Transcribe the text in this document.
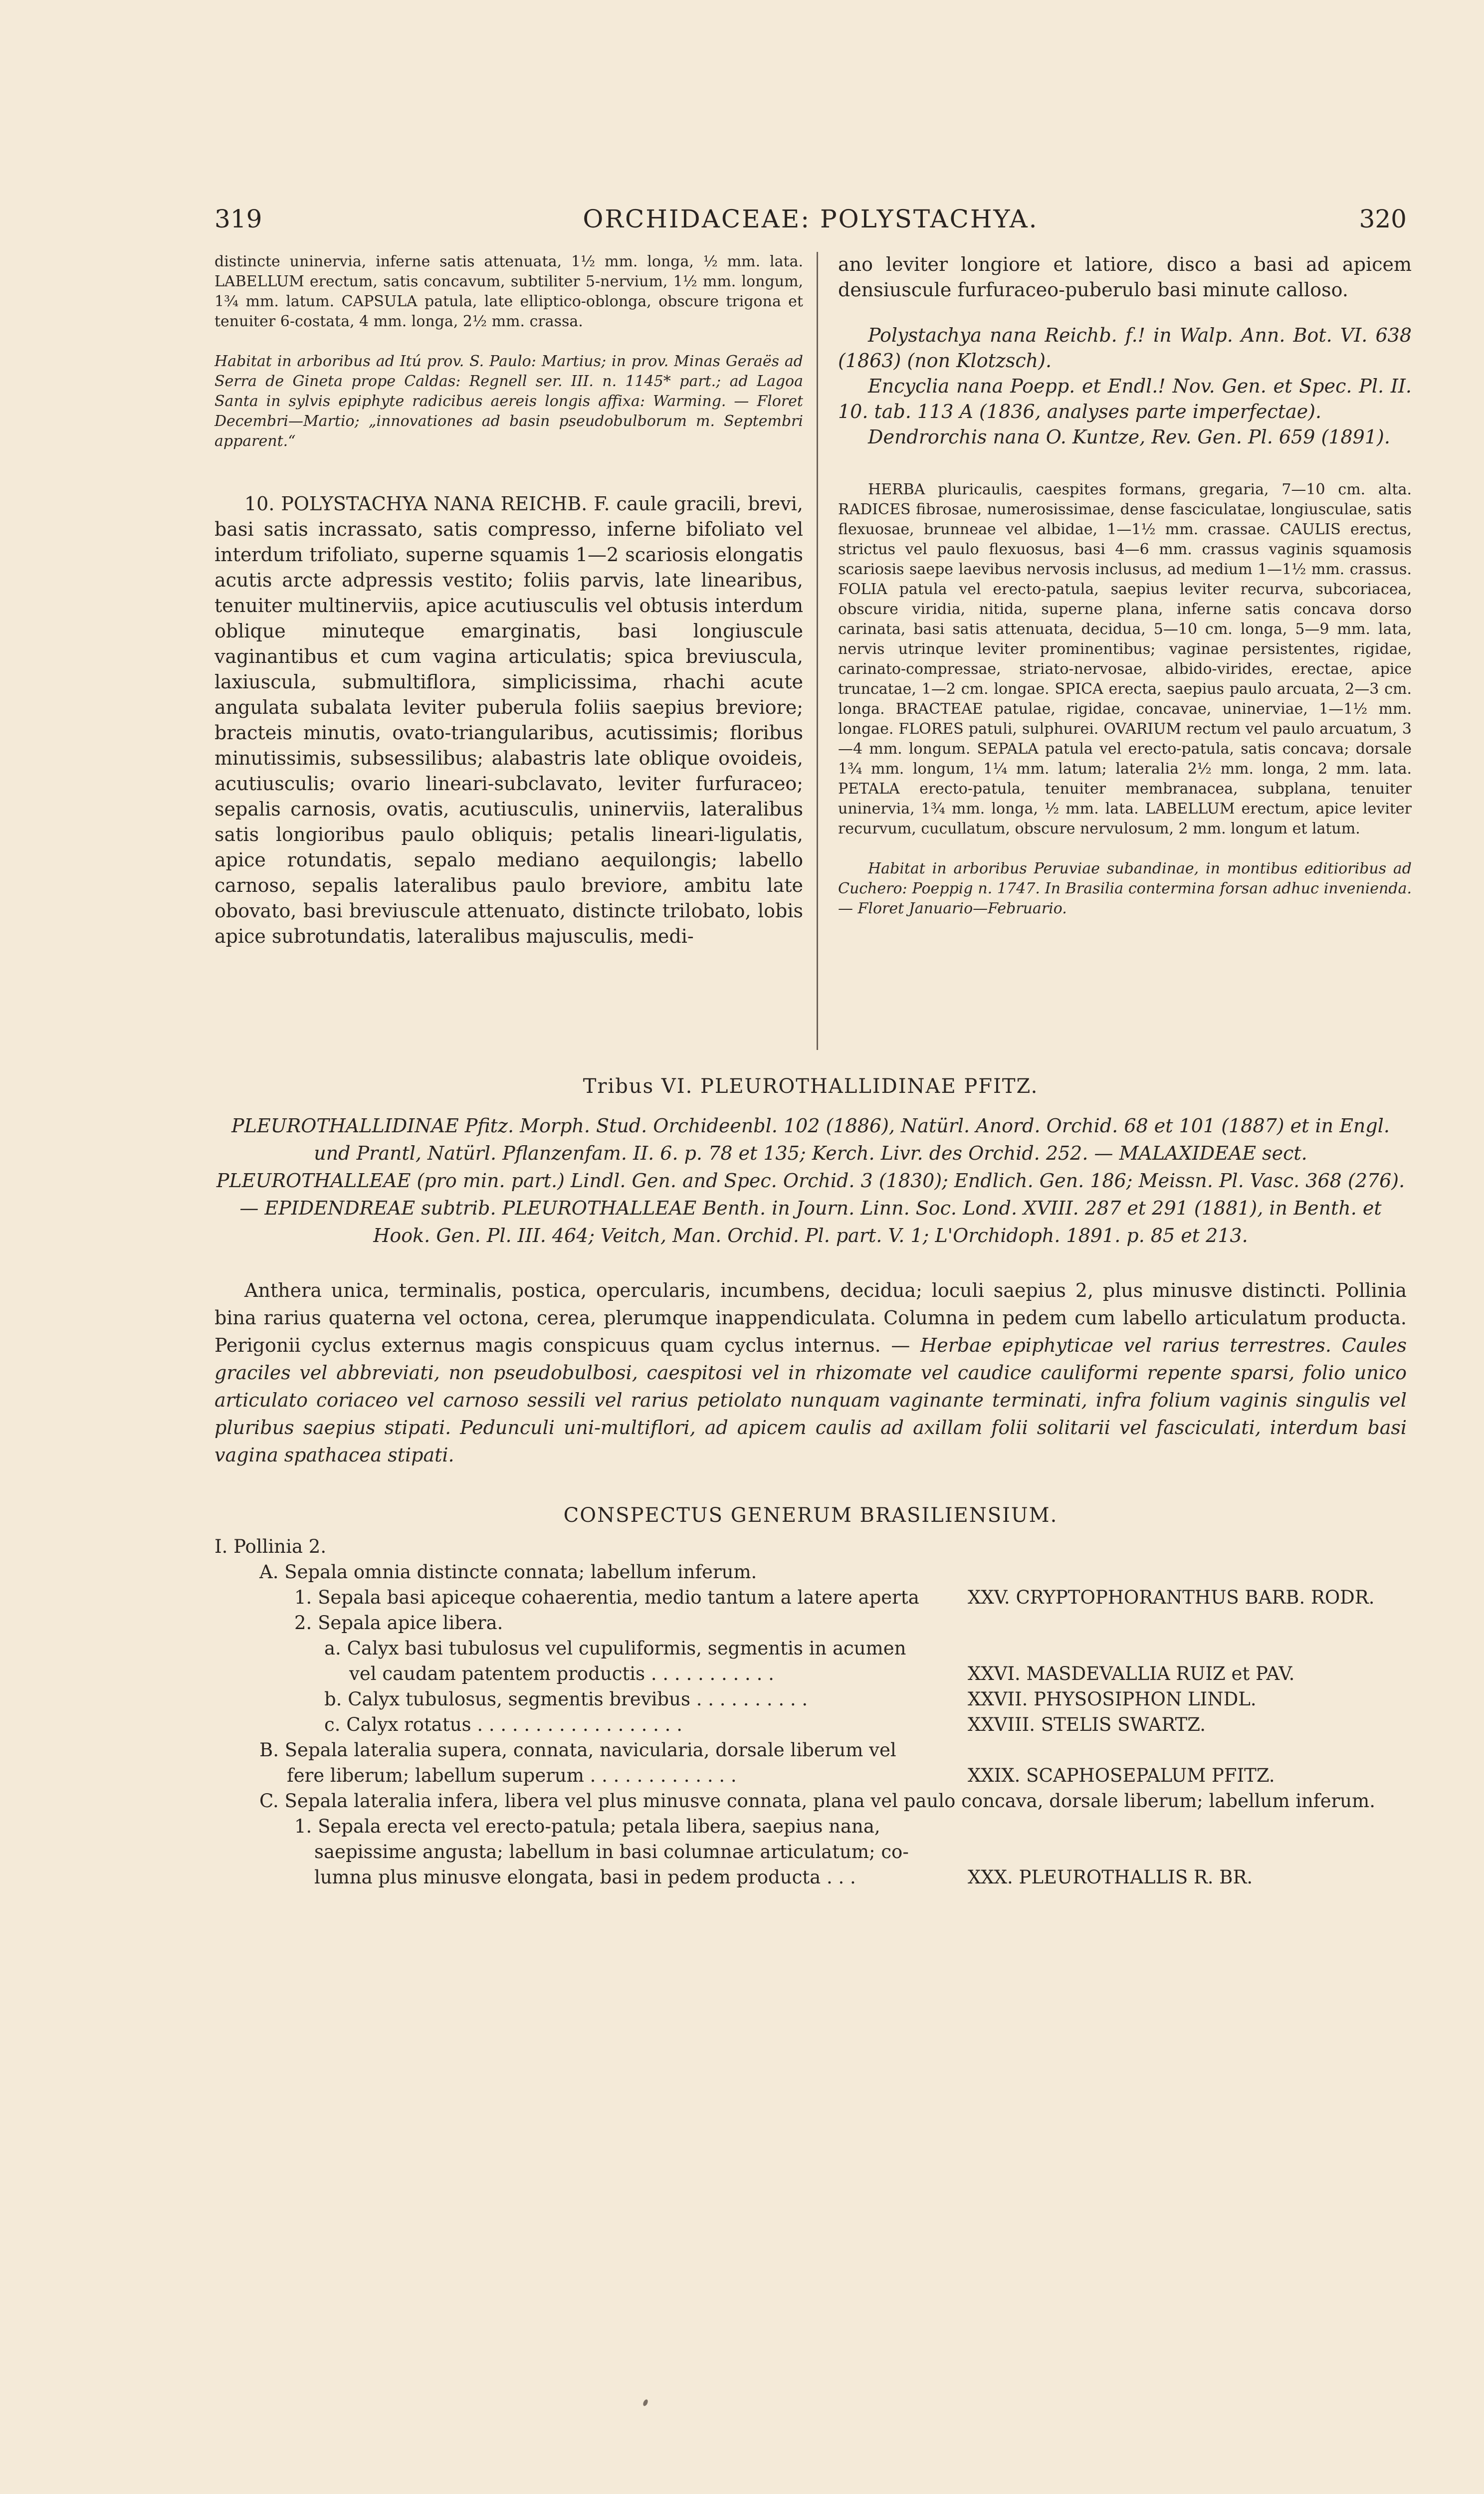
319	ORCHIDACEAE: POLYSTACHYA.	320

distincte uninervia, inferne satis attenuata, 1½ mm. longa, ½ mm. lata. LABELLUM erectum, satis concavum, subtiliter 5-nervium, 1½ mm. longum, 1¾ mm. latum. CAPSULA patula, late elliptico-oblonga, obscure trigona et tenuiter 6-costata, 4 mm. longa, 2½ mm. crassa.

Habitat in arboribus ad Itú prov. S. Paulo: Martius; in prov. Minas Geraës ad Serra de Gineta prope Caldas: Regnell ser. III. n. 1145* part.; ad Lagoa Santa in sylvis epiphyte radicibus aereis longis affixa: Warming. — Floret Decembri—Martio; „innovationes ad basin pseudobulborum m. Septembri apparent.“

10. POLYSTACHYA NANA REICHB. F. caule gracili, brevi, basi satis incrassato, satis compresso, inferne bifoliato vel interdum trifoliato, superne squamis 1—2 scariosis elongatis acutis arcte adpressis vestito; foliis parvis, late linearibus, tenuiter multinerviis, apice acutiusculis vel obtusis interdum oblique minuteque emarginatis, basi longiuscule vaginantibus et cum vagina articulatis; spica breviuscula, laxiuscula, submultiflora, simplicissima, rhachi acute angulata subalata leviter puberula foliis saepius breviore; bracteis minutis, ovato-triangularibus, acutissimis; floribus minutissimis, subsessilibus; alabastris late oblique ovoideis, acutiusculis; ovario lineari-subclavato, leviter furfuraceo; sepalis carnosis, ovatis, acutiusculis, uninerviis, lateralibus satis longioribus paulo obliquis; petalis lineari-ligulatis, apice rotundatis, sepalo mediano aequilongis; labello carnoso, sepalis lateralibus paulo breviore, ambitu late obovato, basi breviuscule attenuato, distincte trilobato, lobis apice subrotundatis, lateralibus majusculis, medi-

ano leviter longiore et latiore, disco a basi ad apicem densiuscule furfuraceo-puberulo basi minute calloso.

Polystachya nana Reichb. f.! in Walp. Ann. Bot. VI. 638 (1863) (non Klotzsch).

Encyclia nana Poepp. et Endl.! Nov. Gen. et Spec. Pl. II. 10. tab. 113 A (1836, analyses parte imperfectae).

Dendrorchis nana O. Kuntze, Rev. Gen. Pl. 659 (1891).

HERBA pluricaulis, caespites formans, gregaria, 7—10 cm. alta. RADICES fibrosae, numerosissimae, dense fasciculatae, longiusculae, satis flexuosae, brunneae vel albidae, 1—1½ mm. crassae. CAULIS erectus, strictus vel paulo flexuosus, basi 4—6 mm. crassus vaginis squamosis scariosis saepe laevibus nervosis inclusus, ad medium 1—1½ mm. crassus. FOLIA patula vel erecto-patula, saepius leviter recurva, subcoriacea, obscure viridia, nitida, superne plana, inferne satis concava dorso carinata, basi satis attenuata, decidua, 5—10 cm. longa, 5—9 mm. lata, nervis utrinque leviter prominentibus; vaginae persistentes, rigidae, carinato-compressae, striato-nervosae, albido-virides, erectae, apice truncatae, 1—2 cm. longae. SPICA erecta, saepius paulo arcuata, 2—3 cm. longa. BRACTEAE patulae, rigidae, concavae, uninerviae, 1—1½ mm. longae. FLORES patuli, sulphurei. OVARIUM rectum vel paulo arcuatum, 3—4 mm. longum. SEPALA patula vel erecto-patula, satis concava; dorsale 1¾ mm. longum, 1¼ mm. latum; lateralia 2½ mm. longa, 2 mm. lata. PETALA erecto-patula, tenuiter membranacea, subplana, tenuiter uninervia, 1¾ mm. longa, ½ mm. lata. LABELLUM erectum, apice leviter recurvum, cucullatum, obscure nervulosum, 2 mm. longum et latum.

Habitat in arboribus Peruviae subandinae, in montibus editioribus ad Cuchero: Poeppig n. 1747. In Brasilia contermina forsan adhuc invenienda. — Floret Januario—Februario.

Tribus VI. PLEUROTHALLIDINAE PFITZ.
PLEUROTHALLIDINAE Pfitz. Morph. Stud. Orchideenbl. 102 (1886), Natürl. Anord. Orchid. 68 et 101 (1887) et in Engl. und Prantl, Natürl. Pflanzenfam. II. 6. p. 78 et 135; Kerch. Livr. des Orchid. 252. — MALAXIDEAE sect. PLEUROTHALLEAE (pro min. part.) Lindl. Gen. and Spec. Orchid. 3 (1830); Endlich. Gen. 186; Meissn. Pl. Vasc. 368 (276). — EPIDENDREAE subtrib. PLEUROTHALLEAE Benth. in Journ. Linn. Soc. Lond. XVIII. 287 et 291 (1881), in Benth. et Hook. Gen. Pl. III. 464; Veitch, Man. Orchid. Pl. part. V. 1; L'Orchidoph. 1891. p. 85 et 213.

Anthera unica, terminalis, postica, opercularis, incumbens, decidua; loculi saepius 2, plus minusve distincti. Pollinia bina rarius quaterna vel octona, cerea, plerumque inappendiculata. Columna in pedem cum labello articulatum producta. Perigonii cyclus externus magis conspicuus quam cyclus internus. — Herbae epiphyticae vel rarius terrestres. Caules graciles vel abbreviati, non pseudobulbosi, caespitosi vel in rhizomate vel caudice caulіformi repente sparsi, folio unico articulato coriaceo vel carnoso sessili vel rarius petiolato nunquam vaginante terminati, infra folium vaginis singulis vel pluribus saepius stipati. Pedunculi uni-multiflori, ad apicem caulis ad axillam folii solitarii vel fasciculati, interdum basi vagina spathacea stipati.

CONSPECTUS GENERUM BRASILIENSIUM.
I. Pollinia 2.
A. Sepala omnia distincte connata; labellum inferum.
1. Sepala basi apiceque cohaerentia, medio tantum a latere aperta	XXV. CRYPTOPHORANTHUS BARB. RODR.
2. Sepala apice libera.
a. Calyx basi tubulosus vel cupuliformis, segmentis in acumen
vel caudam patentem productis . . . . . . . . . . .	XXVI. MASDEVALLIA RUIZ et PAV.
b. Calyx tubulosus, segmentis brevibus . . . . . . . . . .	XXVII. PHYSOSIPHON LINDL.
c. Calyx rotatus . . . . . . . . . . . . . . . . . .	XXVIII. STELIS SWARTZ.
B. Sepala lateralia supera, connata, navicularia, dorsale liberum vel
fere liberum; labellum superum . . . . . . . . . . . . .	XXIX. SCAPHOSEPALUM PFITZ.
C. Sepala lateralia infera, libera vel plus minusve connata, plana vel paulo concava, dorsale liberum; labellum inferum.
1. Sepala erecta vel erecto-patula; petala libera, saepius nana,
saepissime angusta; labellum in basi columnae articulatum; co-
lumna plus minusve elongata, basi in pedem producta . . .	XXX. PLEUROTHALLIS R. BR.
